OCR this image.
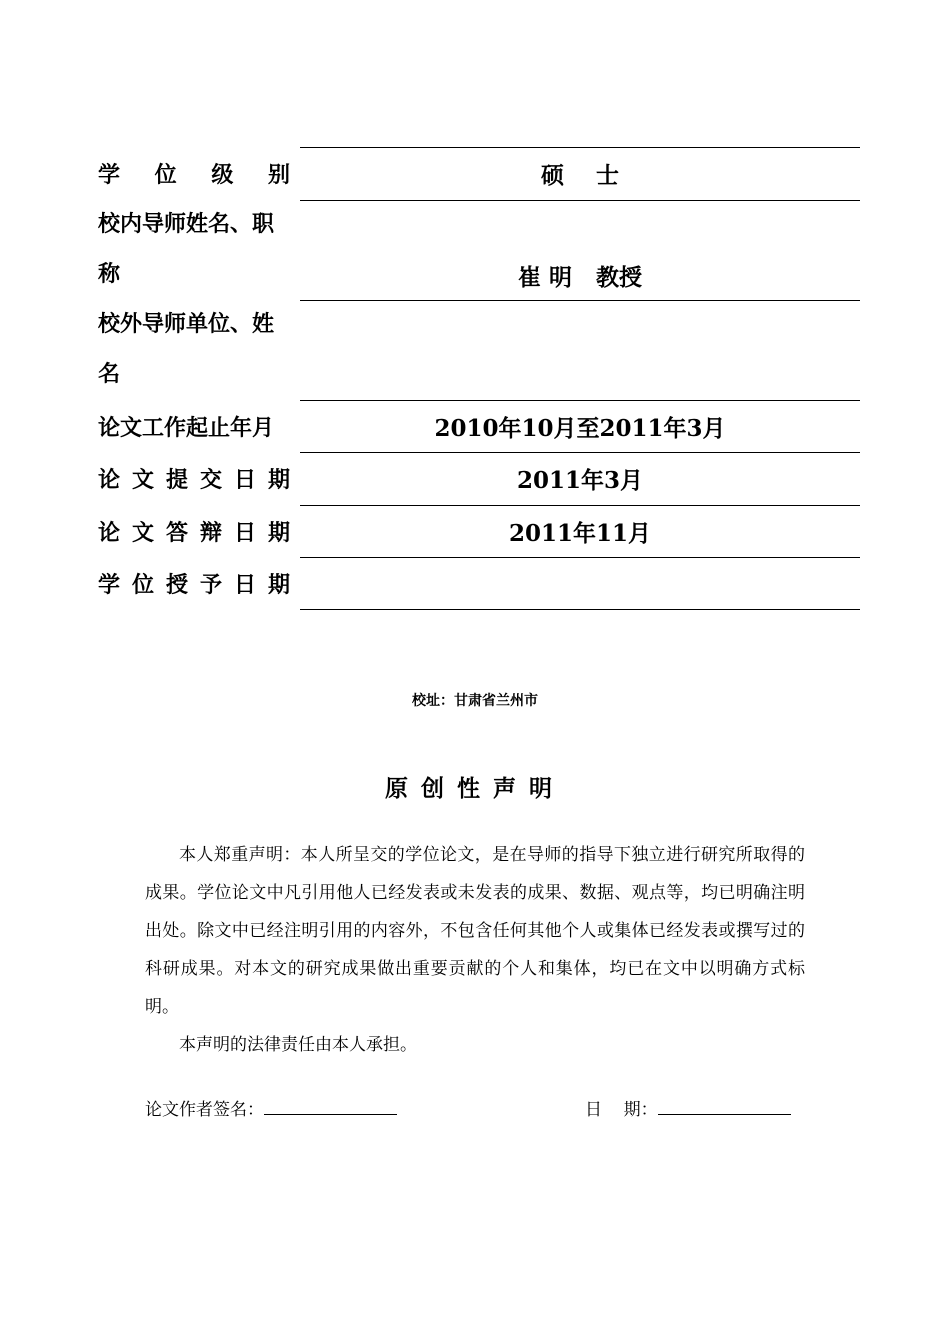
学 位 级 别	硕    士
校内导师姓名、职
称	崔 明   教授
校外导师单位、姓
名
论文工作起止年月	2010年10月至2011年3月
论 文 提 交 日 期	2011年3月
论 文 答 辩 日 期	2011年11月
学 位 授 予 日 期
校址：甘肃省兰州市
原创性声明

本人郑重声明：本人所呈交的学位论文，是在导师的指导下独立进行研究所取得的成果。学位论文中凡引用他人已经发表或未发表的成果、数据、观点等，均已明确注明出处。除文中已经注明引用的内容外，不包含任何其他个人或集体已经发表或撰写过的科研成果。对本文的研究成果做出重要贡献的个人和集体，均已在文中以明确方式标明。

本声明的法律责任由本人承担。

论文作者签名：	日    期：
